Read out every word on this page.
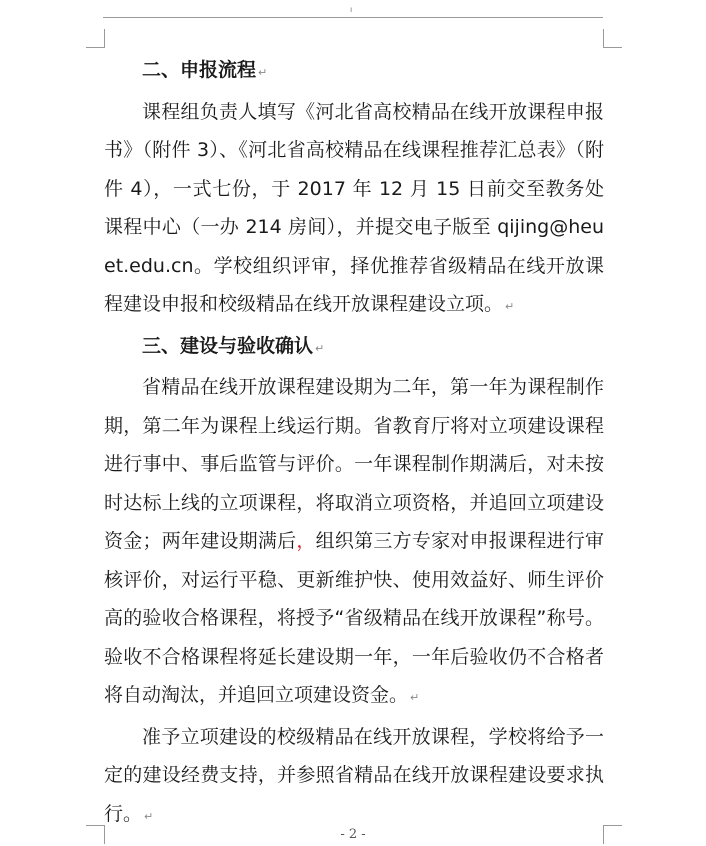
ı

二、申报流程 ↵

课程组负责人填写《河北省高校精品在线开放课程申报书》（附件 3）、《河北省高校精品在线课程推荐汇总表》（附件 4），一式七份，于 2017 年 12 月 15 日前交至教务处课程中心（一办 214 房间），并提交电子版至 qijing@heuet.edu.cn。学校组织评审，择优推荐省级精品在线开放课程建设申报和校级精品在线开放课程建设立项。 ↵

三、建设与验收确认 ↵

省精品在线开放课程建设期为二年，第一年为课程制作期，第二年为课程上线运行期。省教育厅将对立项建设课程进行事中、事后监管与评价。一年课程制作期满后，对未按时达标上线的立项课程，将取消立项资格，并追回立项建设资金；两年建设期满后，组织第三方专家对申报课程进行审核评价，对运行平稳、更新维护快、使用效益好、师生评价高的验收合格课程，将授予“省级精品在线开放课程”称号。验收不合格课程将延长建设期一年，一年后验收仍不合格者将自动淘汰，并追回立项建设资金。 ↵

准予立项建设的校级精品在线开放课程，学校将给予一定的建设经费支持，并参照省精品在线开放课程建设要求执行。 ↵

- 2 -
